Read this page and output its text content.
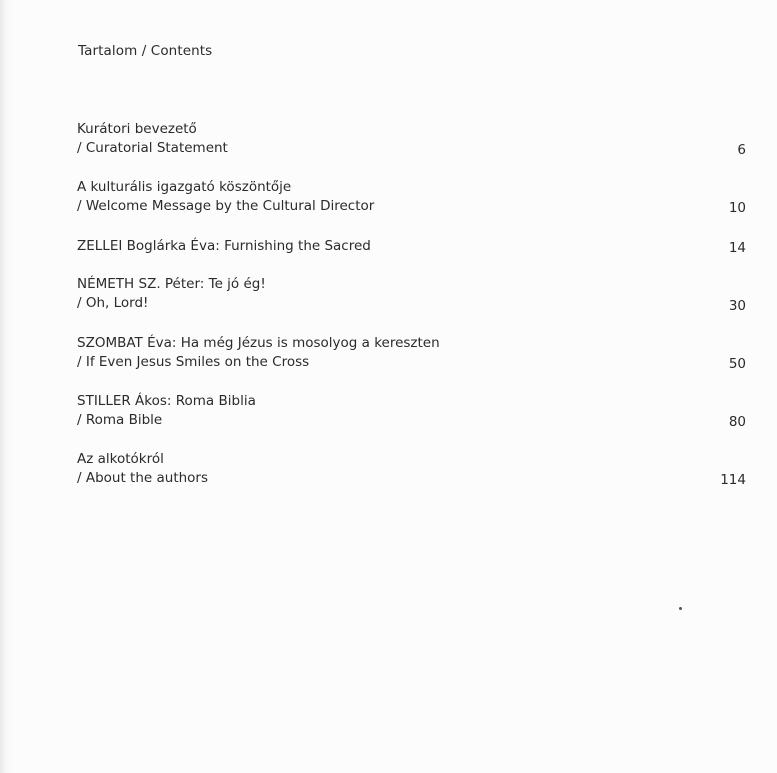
Tartalom / Contents
Kurátori bevezető
/ Curatorial Statement	6
A kulturális igazgató köszöntője
/ Welcome Message by the Cultural Director	10
ZELLEI Boglárka Éva: Furnishing the Sacred	14
NÉMETH SZ. Péter: Te jó ég!
/ Oh, Lord!	30
SZOMBAT Éva: Ha még Jézus is mosolyog a kereszten
/ If Even Jesus Smiles on the Cross	50
STILLER Ákos: Roma Biblia
/ Roma Bible	80
Az alkotókról
/ About the authors	114
